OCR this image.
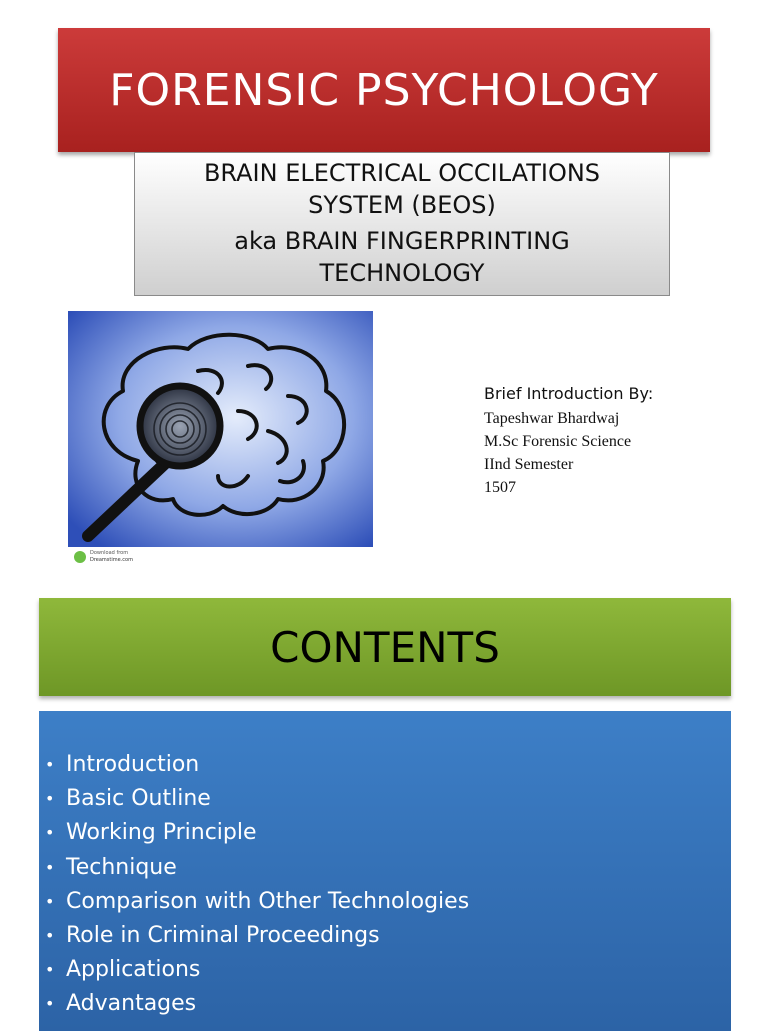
FORENSIC PSYCHOLOGY
BRAIN ELECTRICAL OCCILATIONS
SYSTEM (BEOS)
aka BRAIN FINGERPRINTING
TECHNOLOGY
Download from
Dreamstime.com
Brief Introduction By:
Tapeshwar Bhardwaj
M.Sc Forensic Science
IInd Semester
1507
CONTENTS
• Introduction
• Basic Outline
• Working Principle
• Technique
• Comparison with Other Technologies
• Role in Criminal Proceedings
• Applications
• Advantages
